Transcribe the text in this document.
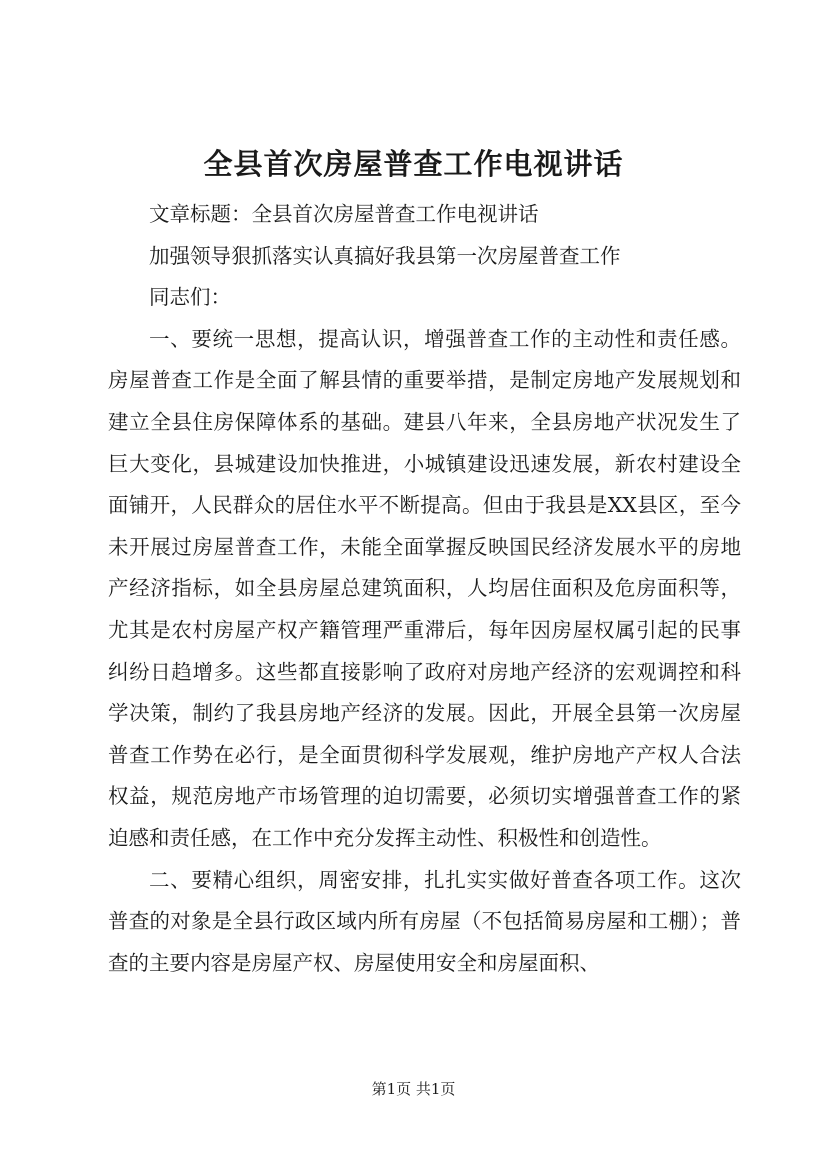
全县首次房屋普查工作电视讲话

文章标题：全县首次房屋普查工作电视讲话

加强领导狠抓落实认真搞好我县第一次房屋普查工作

同志们：

一、要统一思想，提高认识，增强普查工作的主动性和责任感。房屋普查工作是全面了解县情的重要举措，是制定房地产发展规划和建立全县住房保障体系的基础。建县八年来，全县房地产状况发生了巨大变化，县城建设加快推进，小城镇建设迅速发展，新农村建设全面铺开，人民群众的居住水平不断提高。但由于我县是XX县区，至今未开展过房屋普查工作，未能全面掌握反映国民经济发展水平的房地产经济指标，如全县房屋总建筑面积，人均居住面积及危房面积等，尤其是农村房屋产权产籍管理严重滞后，每年因房屋权属引起的民事纠纷日趋增多。这些都直接影响了政府对房地产经济的宏观调控和科学决策，制约了我县房地产经济的发展。因此，开展全县第一次房屋普查工作势在必行，是全面贯彻科学发展观，维护房地产产权人合法权益，规范房地产市场管理的迫切需要，必须切实增强普查工作的紧迫感和责任感，在工作中充分发挥主动性、积极性和创造性。

二、要精心组织，周密安排，扎扎实实做好普查各项工作。这次普查的对象是全县行政区域内所有房屋（不包括简易房屋和工棚）；普查的主要内容是房屋产权、房屋使用安全和房屋面积、

第1页 共1页
